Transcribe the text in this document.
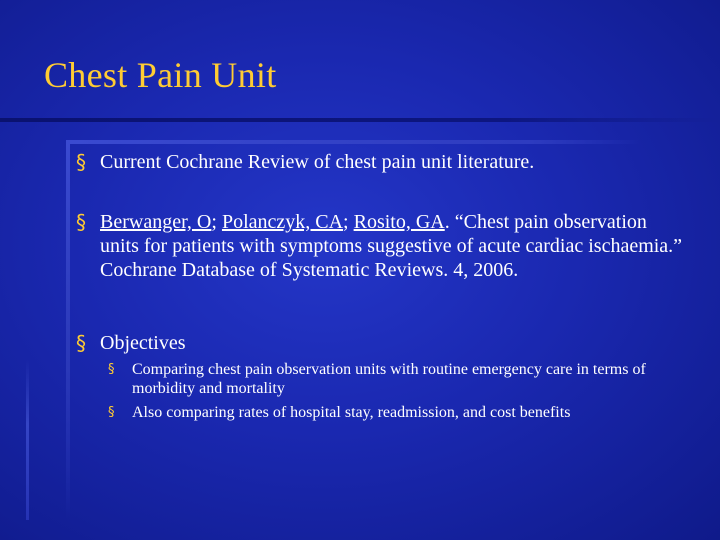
Chest Pain Unit
§ Current Cochrane Review of chest pain unit literature.
§ Berwanger, O; Polanczyk, CA; Rosito, GA. “Chest pain observation units for patients with symptoms suggestive of acute cardiac ischaemia.” Cochrane Database of Systematic Reviews. 4, 2006.
§ Objectives
§ Comparing chest pain observation units with routine emergency care in terms of morbidity and mortality
§ Also comparing rates of hospital stay, readmission, and cost benefits
